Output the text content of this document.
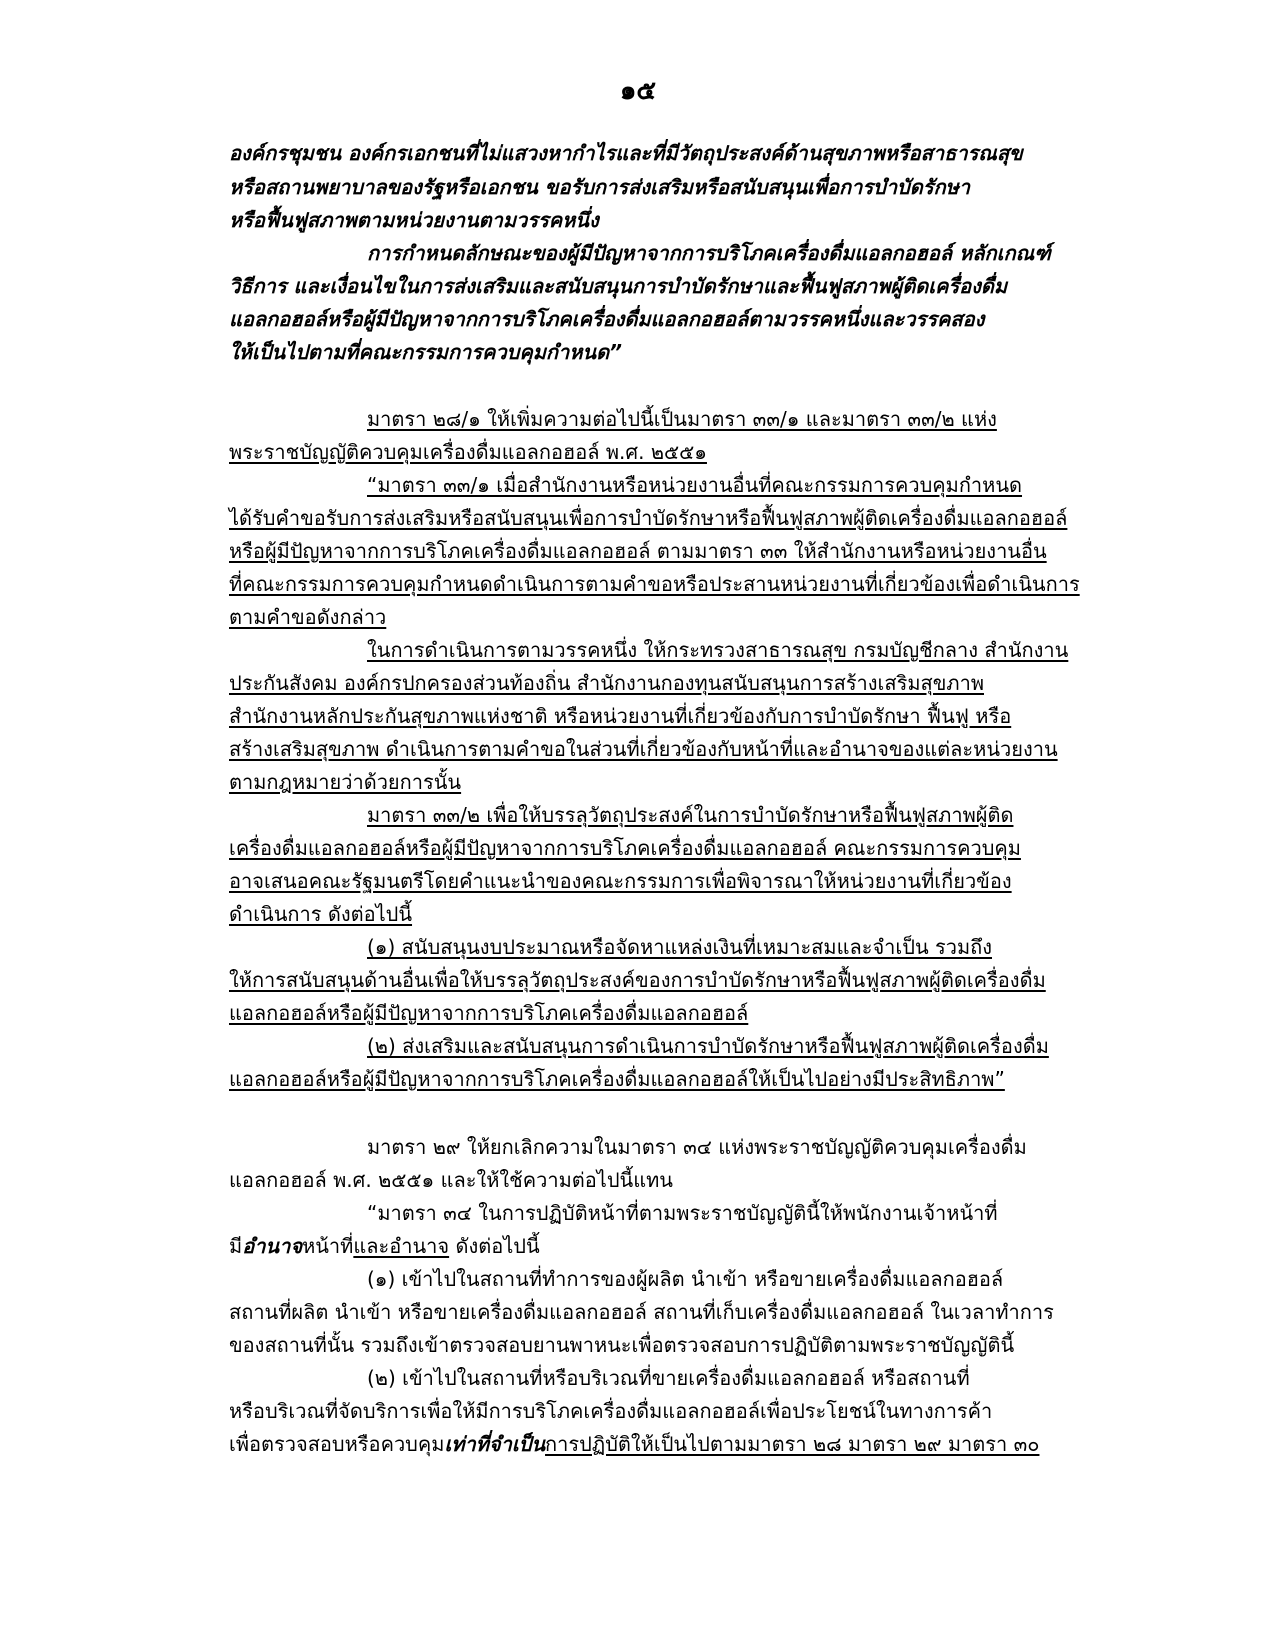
๑๕
องค์กรชุมชน องค์กรเอกชนที่ไม่แสวงหากำไรและที่มีวัตถุประสงค์ด้านสุขภาพหรือสาธารณสุข
หรือสถานพยาบาลของรัฐหรือเอกชน ขอรับการส่งเสริมหรือสนับสนุนเพื่อการบำบัดรักษา
หรือฟื้นฟูสภาพตามหน่วยงานตามวรรคหนึ่ง
การกำหนดลักษณะของผู้มีปัญหาจากการบริโภคเครื่องดื่มแอลกอฮอล์ หลักเกณฑ์
วิธีการ และเงื่อนไขในการส่งเสริมและสนับสนุนการบำบัดรักษาและฟื้นฟูสภาพผู้ติดเครื่องดื่ม
แอลกอฮอล์หรือผู้มีปัญหาจากการบริโภคเครื่องดื่มแอลกอฮอล์ตามวรรคหนึ่งและวรรคสอง
ให้เป็นไปตามที่คณะกรรมการควบคุมกำหนด”
มาตรา ๒๘/๑ ให้เพิ่มความต่อไปนี้เป็นมาตรา ๓๓/๑ และมาตรา ๓๓/๒ แห่ง
พระราชบัญญัติควบคุมเครื่องดื่มแอลกอฮอล์ พ.ศ. ๒๕๕๑
“มาตรา ๓๓/๑ เมื่อสำนักงานหรือหน่วยงานอื่นที่คณะกรรมการควบคุมกำหนด
ได้รับคำขอรับการส่งเสริมหรือสนับสนุนเพื่อการบำบัดรักษาหรือฟื้นฟูสภาพผู้ติดเครื่องดื่มแอลกอฮอล์
หรือผู้มีปัญหาจากการบริโภคเครื่องดื่มแอลกอฮอล์ ตามมาตรา ๓๓ ให้สำนักงานหรือหน่วยงานอื่น
ที่คณะกรรมการควบคุมกำหนดดำเนินการตามคำขอหรือประสานหน่วยงานที่เกี่ยวข้องเพื่อดำเนินการ
ตามคำขอดังกล่าว
ในการดำเนินการตามวรรคหนึ่ง ให้กระทรวงสาธารณสุข กรมบัญชีกลาง สำนักงาน
ประกันสังคม องค์กรปกครองส่วนท้องถิ่น สำนักงานกองทุนสนับสนุนการสร้างเสริมสุขภาพ
สำนักงานหลักประกันสุขภาพแห่งชาติ หรือหน่วยงานที่เกี่ยวข้องกับการบำบัดรักษา ฟื้นฟู หรือ
สร้างเสริมสุขภาพ ดำเนินการตามคำขอในส่วนที่เกี่ยวข้องกับหน้าที่และอำนาจของแต่ละหน่วยงาน
ตามกฎหมายว่าด้วยการนั้น
มาตรา ๓๓/๒ เพื่อให้บรรลุวัตถุประสงค์ในการบำบัดรักษาหรือฟื้นฟูสภาพผู้ติด
เครื่องดื่มแอลกอฮอล์หรือผู้มีปัญหาจากการบริโภคเครื่องดื่มแอลกอฮอล์ คณะกรรมการควบคุม
อาจเสนอคณะรัฐมนตรีโดยคำแนะนำของคณะกรรมการเพื่อพิจารณาให้หน่วยงานที่เกี่ยวข้อง
ดำเนินการ ดังต่อไปนี้
(๑) สนับสนุนงบประมาณหรือจัดหาแหล่งเงินที่เหมาะสมและจำเป็น รวมถึง
ให้การสนับสนุนด้านอื่นเพื่อให้บรรลุวัตถุประสงค์ของการบำบัดรักษาหรือฟื้นฟูสภาพผู้ติดเครื่องดื่ม
แอลกอฮอล์หรือผู้มีปัญหาจากการบริโภคเครื่องดื่มแอลกอฮอล์
(๒) ส่งเสริมและสนับสนุนการดำเนินการบำบัดรักษาหรือฟื้นฟูสภาพผู้ติดเครื่องดื่ม
แอลกอฮอล์หรือผู้มีปัญหาจากการบริโภคเครื่องดื่มแอลกอฮอล์ให้เป็นไปอย่างมีประสิทธิภาพ”
มาตรา ๒๙ ให้ยกเลิกความในมาตรา ๓๔ แห่งพระราชบัญญัติควบคุมเครื่องดื่ม
แอลกอฮอล์ พ.ศ. ๒๕๕๑ และให้ใช้ความต่อไปนี้แทน
“มาตรา ๓๔ ในการปฏิบัติหน้าที่ตามพระราชบัญญัตินี้ให้พนักงานเจ้าหน้าที่
มีอำนาจหน้าที่และอำนาจ ดังต่อไปนี้
(๑) เข้าไปในสถานที่ทำการของผู้ผลิต นำเข้า หรือขายเครื่องดื่มแอลกอฮอล์
สถานที่ผลิต นำเข้า หรือขายเครื่องดื่มแอลกอฮอล์ สถานที่เก็บเครื่องดื่มแอลกอฮอล์ ในเวลาทำการ
ของสถานที่นั้น รวมถึงเข้าตรวจสอบยานพาหนะเพื่อตรวจสอบการปฏิบัติตามพระราชบัญญัตินี้
(๒) เข้าไปในสถานที่หรือบริเวณที่ขายเครื่องดื่มแอลกอฮอล์ หรือสถานที่
หรือบริเวณที่จัดบริการเพื่อให้มีการบริโภคเครื่องดื่มแอลกอฮอล์เพื่อประโยชน์ในทางการค้า
เพื่อตรวจสอบหรือควบคุมเท่าที่จำเป็นการปฏิบัติให้เป็นไปตามมาตรา ๒๘ มาตรา ๒๙ มาตรา ๓๐
